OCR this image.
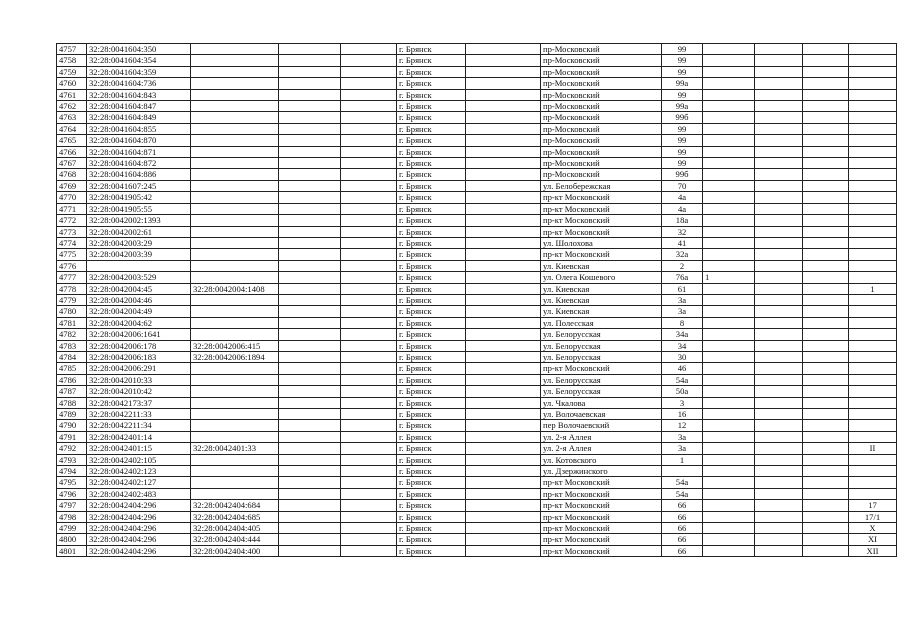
4757	32:28:0041604:350				г. Брянск		пр-Московский	99				
4758	32:28:0041604:354				г. Брянск		пр-Московский	99				
4759	32:28:0041604:359				г. Брянск		пр-Московский	99				
4760	32:28:0041604:736				г. Брянск		пр-Московский	99а				
4761	32:28:0041604:843				г. Брянск		пр-Московский	99				
4762	32:28:0041604:847				г. Брянск		пр-Московский	99а				
4763	32:28:0041604:849				г. Брянск		пр-Московский	99б				
4764	32:28:0041604:855				г. Брянск		пр-Московский	99				
4765	32:28:0041604:870				г. Брянск		пр-Московский	99				
4766	32:28:0041604:871				г. Брянск		пр-Московский	99				
4767	32:28:0041604:872				г. Брянск		пр-Московский	99				
4768	32:28:0041604:886				г. Брянск		пр-Московский	99б				
4769	32:28:0041607:245				г. Брянск		ул. Белобережская	70				
4770	32:28:0041905:42				г. Брянск		пр-кт Московский	4а				
4771	32:28:0041905:55				г. Брянск		пр-кт Московский	4а				
4772	32:28:0042002:1393				г. Брянск		пр-кт Московский	18а				
4773	32:28:0042002:61				г. Брянск		пр-кт Московский	32				
4774	32:28:0042003:29				г. Брянск		ул. Шолохова	41				
4775	32:28:0042003:39				г. Брянск		пр-кт Московский	32а				
4776					г. Брянск		ул. Киевская	2				
4777	32:28:0042003:529				г. Брянск		ул. Олега Кошевого	76а	1			
4778	32:28:0042004:45	32:28:0042004:1408			г. Брянск		ул. Киевская	61				1
4779	32:28:0042004:46				г. Брянск		ул. Киевская	3а				
4780	32:28:0042004:49				г. Брянск		ул. Киевская	3а				
4781	32:28:0042004:62				г. Брянск		ул. Полесская	8				
4782	32:28:0042006:1641				г. Брянск		ул. Белорусская	34а				
4783	32:28:0042006:178	32:28:0042006:415			г. Брянск		ул. Белорусская	34				
4784	32:28:0042006:183	32:28:0042006:1894			г. Брянск		ул. Белорусская	30				
4785	32:28:0042006:291				г. Брянск		пр-кт Московский	46				
4786	32:28:0042010:33				г. Брянск		ул. Белорусская	54а				
4787	32:28:0042010:42				г. Брянск		ул. Белорусская	50а				
4788	32:28:0042173:37				г. Брянск		ул. Чкалова	3				
4789	32:28:0042211:33				г. Брянск		ул. Волочаевская	16				
4790	32:28:0042211:34				г. Брянск		пер Волочаевский	12				
4791	32:28:0042401:14				г. Брянск		ул. 2-я Аллея	3а				
4792	32:28:0042401:15	32:28:0042401:33			г. Брянск		ул. 2-я Аллея	3а				II
4793	32:28:0042402:105				г. Брянск		ул. Котовского	1				
4794	32:28:0042402:123				г. Брянск		ул. Дзержинского					
4795	32:28:0042402:127				г. Брянск		пр-кт Московский	54а				
4796	32:28:0042402:483				г. Брянск		пр-кт Московский	54а				
4797	32:28:0042404:296	32:28:0042404:684			г. Брянск		пр-кт Московский	66				17
4798	32:28:0042404:296	32:28:0042404:685			г. Брянск		пр-кт Московский	66				17/1
4799	32:28:0042404:296	32:28:0042404:405			г. Брянск		пр-кт Московский	66				X
4800	32:28:0042404:296	32:28:0042404:444			г. Брянск		пр-кт Московский	66				XI
4801	32:28:0042404:296	32:28:0042404:400			г. Брянск		пр-кт Московский	66				XII
